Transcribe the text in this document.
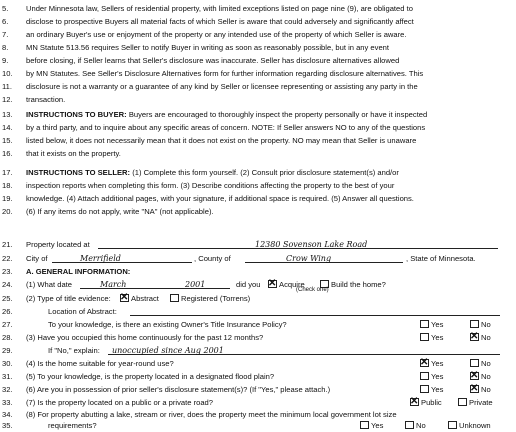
5.	Under Minnesota law, Sellers of residential property, with limited exceptions listed on page nine (9), are obligated to
6.	disclose to prospective Buyers all material facts of which Seller is aware that could adversely and significantly affect
7.	an ordinary Buyer's use or enjoyment of the property or any intended use of the property of which Seller is aware.
8.	MN Statute 513.56 requires Seller to notify Buyer in writing as soon as reasonably possible, but in any event
9.	before closing, if Seller learns that Seller's disclosure was inaccurate. Seller has disclosure alternatives allowed
10.	by MN Statutes. See Seller's Disclosure Alternatives form for further information regarding disclosure alternatives. This
11.	disclosure is not a warranty or a guarantee of any kind by Seller or licensee representing or assisting any party in the
12.	transaction.
13.	INSTRUCTIONS TO BUYER: Buyers are encouraged to thoroughly inspect the property personally or have it inspected
14.	by a third party, and to inquire about any specific areas of concern. NOTE: If Seller answers NO to any of the questions
15.	listed below, it does not necessarily mean that it does not exist on the property. NO may mean that Seller is unaware
16.	that it exists on the property.
17.	INSTRUCTIONS TO SELLER: (1) Complete this form yourself. (2) Consult prior disclosure statement(s) and/or
18.	inspection reports when completing this form. (3) Describe conditions affecting the property to the best of your
19.	knowledge. (4) Attach additional pages, with your signature, if additional space is required. (5) Answer all questions.
20.	(6) If any items do not apply, write "NA" (not applicable).
21.	Property located at	12380 Sovenson Lake Road
22.	City of	Merrifield	, County of	Crow Wing	, State of Minnesota.
23.	A. GENERAL INFORMATION:
24.	(1) What date	March	2001	did you ✕	Acquire	Build the home?
(Check one)
25.	(2) Type of title evidence: ✕	Abstract	Registered (Torrens)
26.	Location of Abstract:
27.	To your knowledge, is there an existing Owner's Title Insurance Policy?	Yes	No
28.	(3) Have you occupied this home continuously for the past 12 months?	Yes ✕	No
29.	If "No," explain: unoccupied since Aug 2001
30.	(4) Is the home suitable for year-round use? ✕	Yes	No
31.	(5) To your knowledge, is the property located in a designated flood plain?	Yes ✕	No
32.	(6) Are you in possession of prior seller's disclosure statement(s)? (If "Yes," please attach.)	Yes ✕	No
33.	(7) Is the property located on a public or a private road? ✕	Public	Private
34.	(8) For property abutting a lake, stream or river, does the property meet the minimum local government lot size
35.	requirements?	Yes	No	Unknown
